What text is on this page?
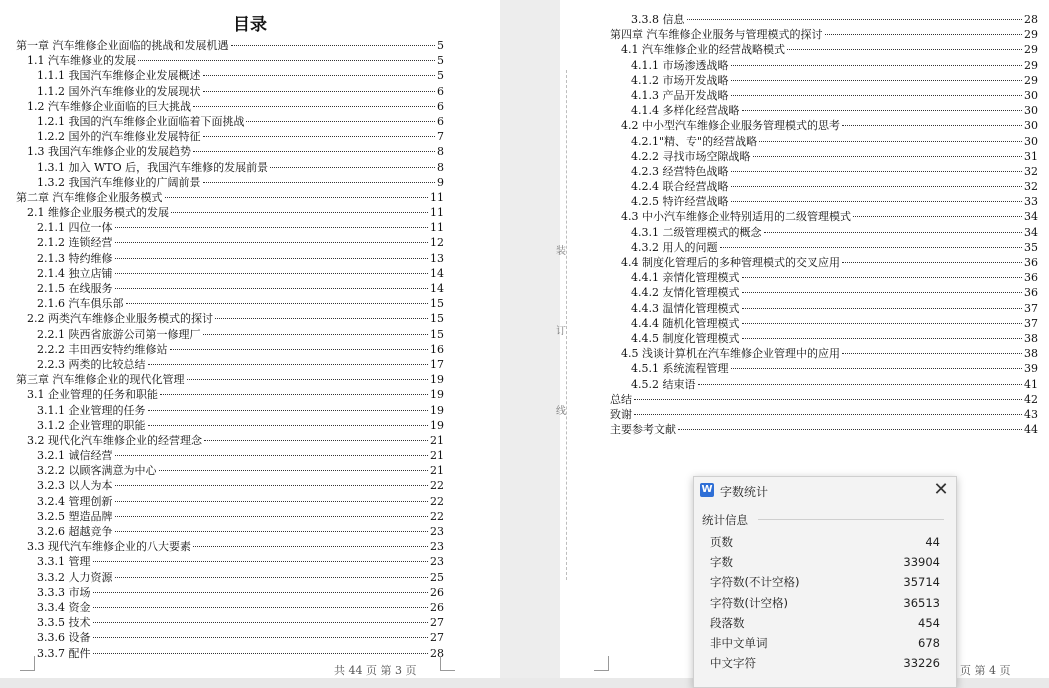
目录
第一章 汽车维修企业面临的挑战和发展机遇	5
1.1 汽车维修业的发展	5
1.1.1 我国汽车维修企业发展概述	5
1.1.2 国外汽车维修业的发展现状	6
1.2 汽车维修企业面临的巨大挑战	6
1.2.1 我国的汽车维修企业面临着下面挑战	6
1.2.2 国外的汽车维修业发展特征	7
1.3 我国汽车维修企业的发展趋势	8
1.3.1 加入 WTO 后，我国汽车维修的发展前景	8
1.3.2 我国汽车维修业的广阔前景	9
第二章 汽车维修企业服务模式	11
2.1 维修企业服务模式的发展	11
2.1.1 四位一体	11
2.1.2 连锁经营	12
2.1.3 特约维修	13
2.1.4 独立店铺	14
2.1.5 在线服务	14
2.1.6 汽车俱乐部	15
2.2 两类汽车维修企业服务模式的探讨	15
2.2.1 陕西省旅游公司第一修理厂	15
2.2.2 丰田西安特约维修站	16
2.2.3 两类的比较总结	17
第三章 汽车维修企业的现代化管理	19
3.1 企业管理的任务和职能	19
3.1.1 企业管理的任务	19
3.1.2 企业管理的职能	19
3.2 现代化汽车维修企业的经营理念	21
3.2.1 诚信经营	21
3.2.2 以顾客满意为中心	21
3.2.3 以人为本	22
3.2.4 管理创新	22
3.2.5 塑造品牌	22
3.2.6 超越竞争	23
3.3 现代汽车维修企业的八大要素	23
3.3.1 管理	23
3.3.2 人力资源	25
3.3.3 市场	26
3.3.4 资金	26
3.3.5 技术	27
3.3.6 设备	27
3.3.7 配件	28
共 44 页 第 3 页
3.3.8 信息	28
第四章 汽车维修企业服务与管理模式的探讨	29
4.1 汽车维修企业的经营战略模式	29
4.1.1 市场渗透战略	29
4.1.2 市场开发战略	29
4.1.3 产品开发战略	30
4.1.4 多样化经营战略	30
4.2 中小型汽车维修企业服务管理模式的思考	30
4.2.1"精、专"的经营战略	30
4.2.2 寻找市场空隙战略	31
4.2.3 经营特色战略	32
4.2.4 联合经营战略	32
4.2.5 特许经营战略	33
4.3 中小汽车维修企业特别适用的二级管理模式	34
4.3.1 二级管理模式的概念	34
4.3.2 用人的问题	35
4.4 制度化管理后的多种管理模式的交叉应用	36
4.4.1 亲情化管理模式	36
4.4.2 友情化管理模式	36
4.4.3 温情化管理模式	37
4.4.4 随机化管理模式	37
4.4.5 制度化管理模式	38
4.5 浅谈计算机在汽车维修企业管理中的应用	38
4.5.1 系统流程管理	39
4.5.2 结束语	41
总结	42
致谢	43
主要参考文献	44
页 第 4 页
装
订
线
W 字数统计	✕
统计信息
页数	44
字数	33904
字符数(不计空格)	35714
字符数(计空格)	36513
段落数	454
非中文单词	678
中文字符	33226
